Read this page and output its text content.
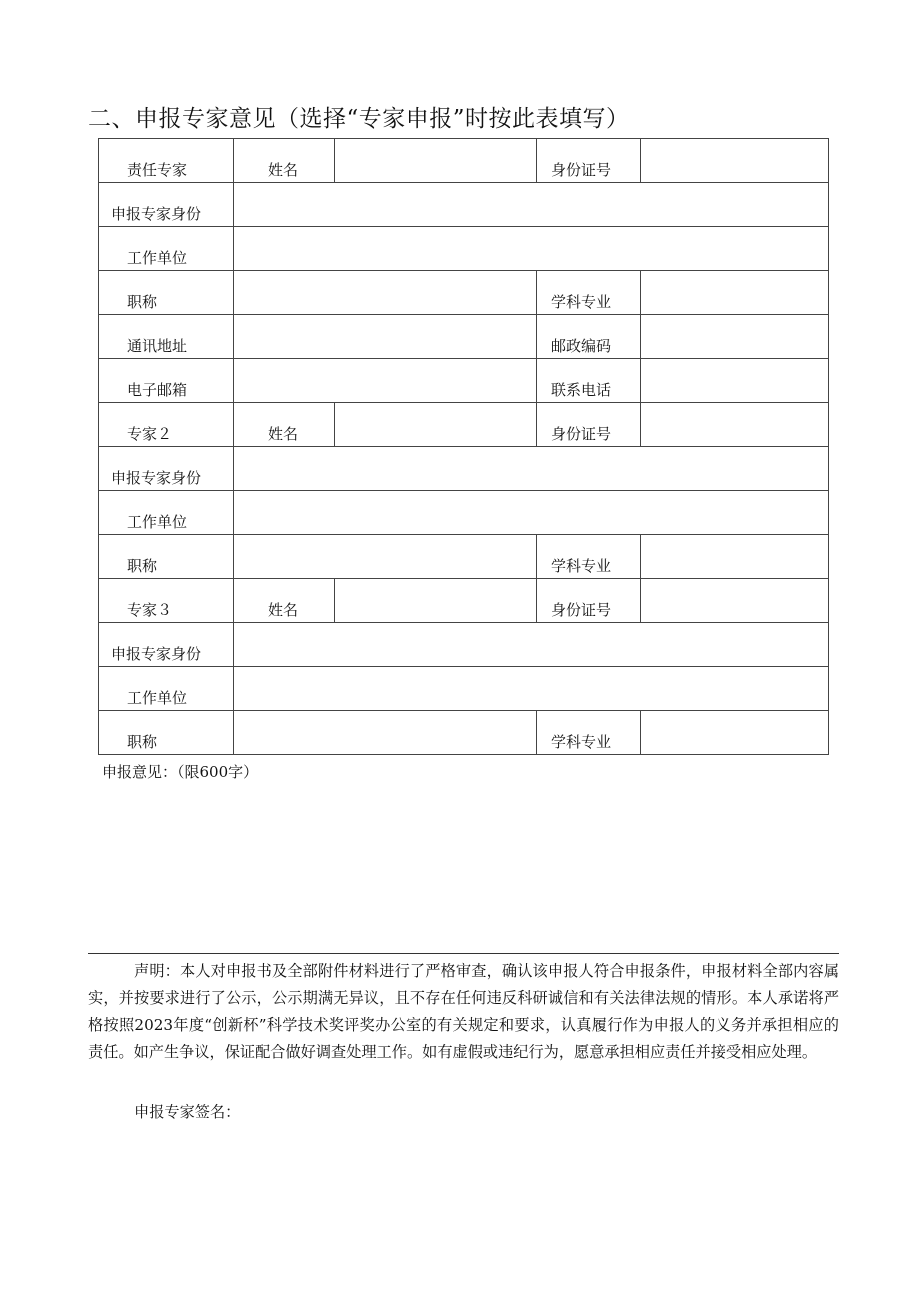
二、申报专家意见（选择“专家申报”时按此表填写）
责任专家	姓名		身份证号	
申报专家身份				
工作单位				
职称			学科专业	
通讯地址			邮政编码	
电子邮箱			联系电话	
专家２	姓名		身份证号	
申报专家身份				
工作单位				
职称			学科专业	
专家３	姓名		身份证号	
申报专家身份				
工作单位				
职称			学科专业	
申报意见：（限600字）

声明：本人对申报书及全部附件材料进行了严格审查，确认该申报人符合申报条件，申报材料全部内容属实，并按要求进行了公示，公示期满无异议，且不存在任何违反科研诚信和有关法律法规的情形。本人承诺将严格按照2023年度“创新杯”科学技术奖评奖办公室的有关规定和要求，认真履行作为申报人的义务并承担相应的责任。如产生争议，保证配合做好调查处理工作。如有虚假或违纪行为，愿意承担相应责任并接受相应处理。

申报专家签名：
